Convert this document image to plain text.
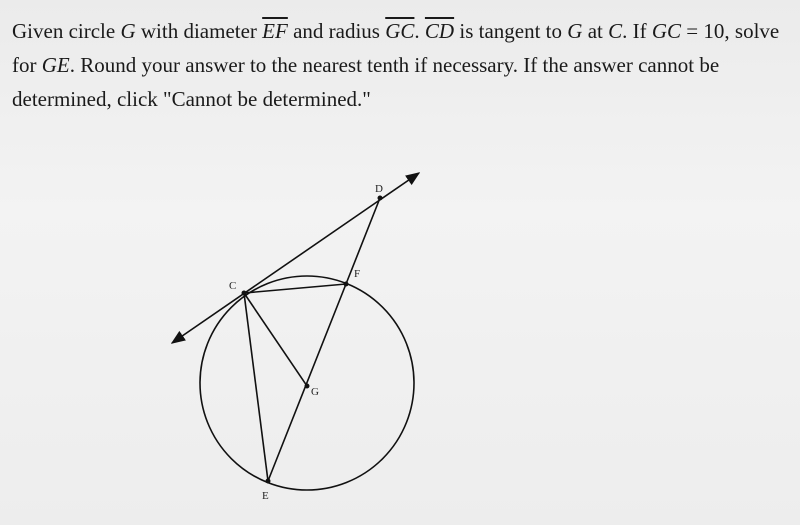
Given circle G with diameter $\overline{EF}$ and radius $\overline{GC}$. $\overline{CD}$ is tangent to G at C. If GC = 10, solve for GE. Round your answer to the nearest tenth if necessary. If the answer cannot be determined, click "Cannot be determined."
C
D
F
G
E
